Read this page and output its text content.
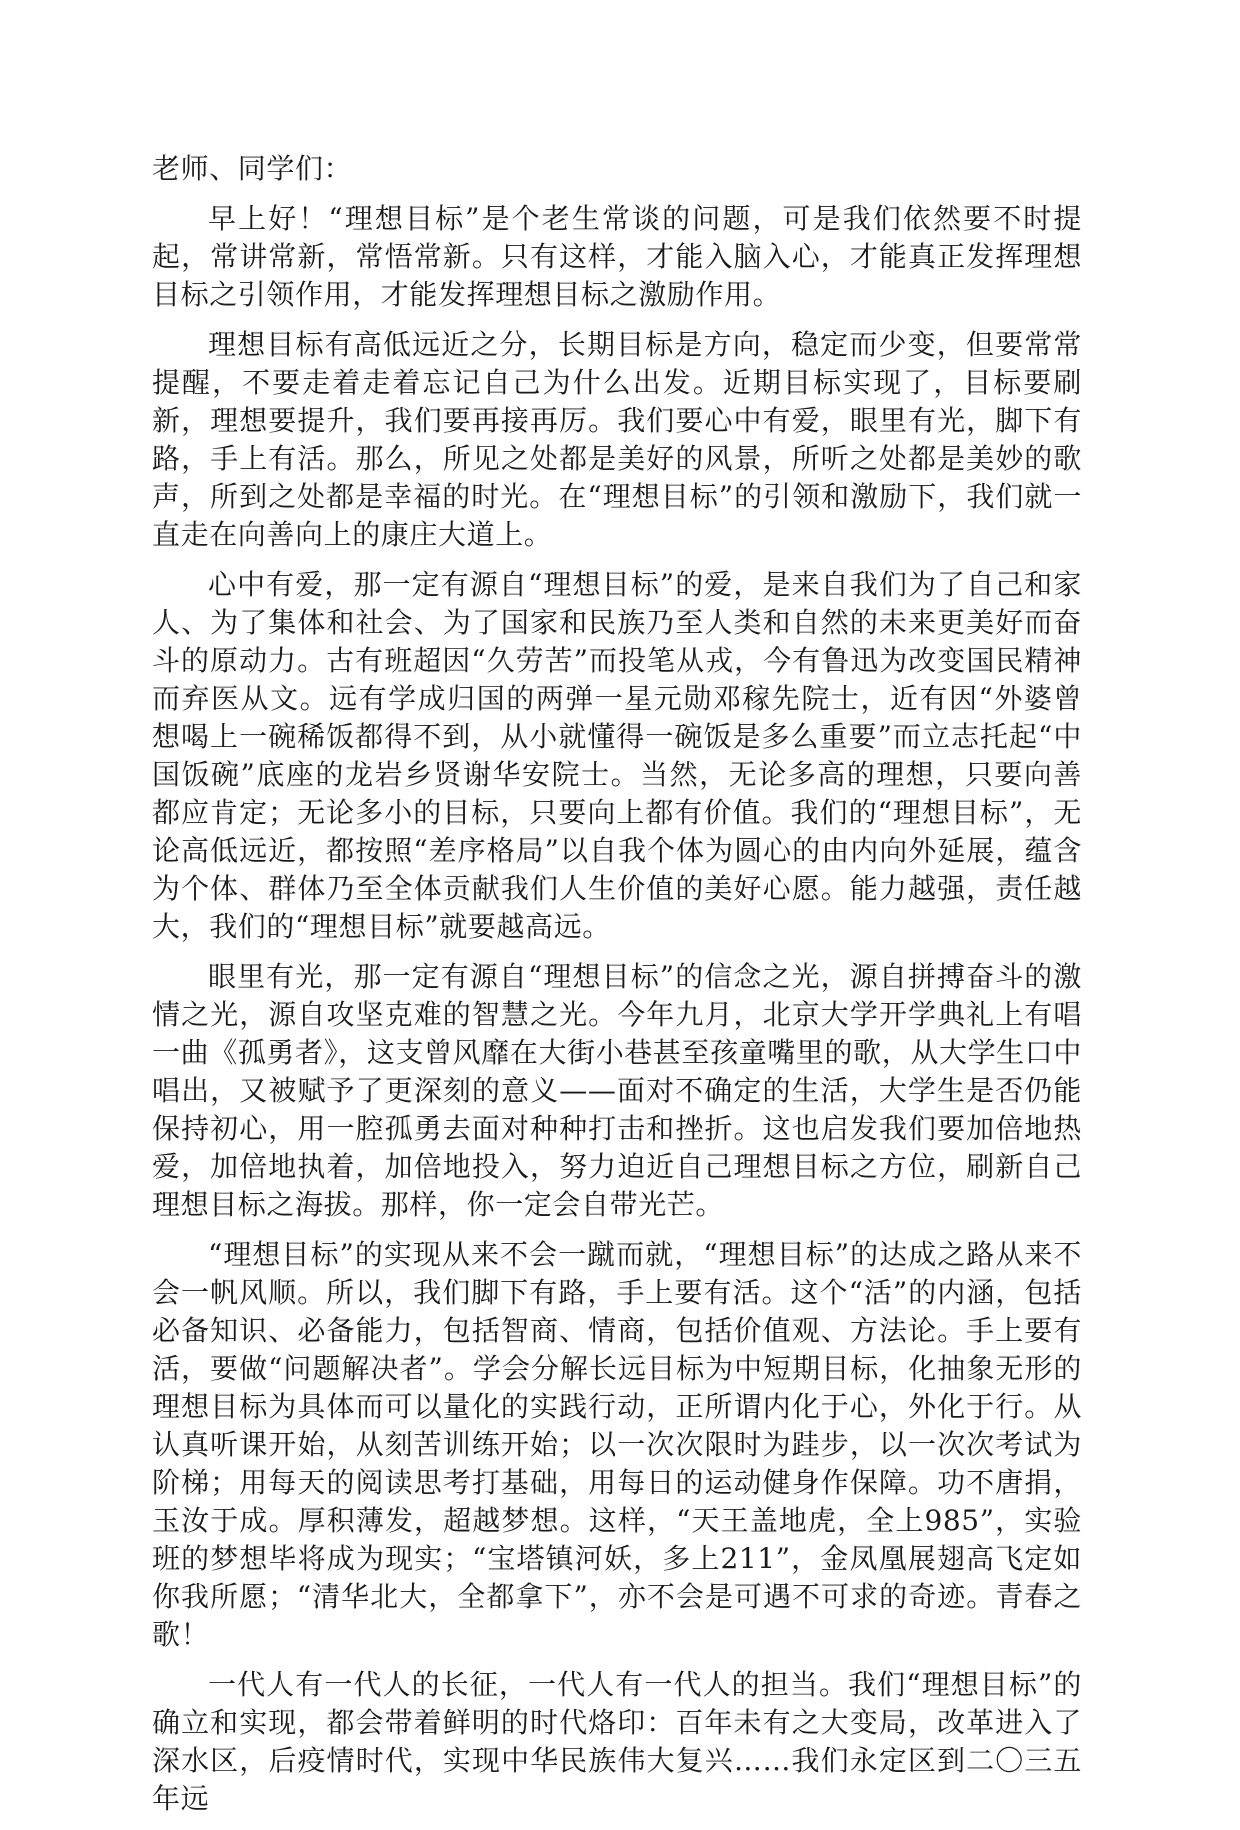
老师、同学们：

早上好！“理想目标”是个老生常谈的问题，可是我们依然要不时提起，常讲常新，常悟常新。只有这样，才能入脑入心，才能真正发挥理想目标之引领作用，才能发挥理想目标之激励作用。

理想目标有高低远近之分，长期目标是方向，稳定而少变，但要常常提醒，不要走着走着忘记自己为什么出发。近期目标实现了，目标要刷新，理想要提升，我们要再接再厉。我们要心中有爱，眼里有光，脚下有路，手上有活。那么，所见之处都是美好的风景，所听之处都是美妙的歌声，所到之处都是幸福的时光。在“理想目标”的引领和激励下，我们就一直走在向善向上的康庄大道上。

心中有爱，那一定有源自“理想目标”的爱，是来自我们为了自己和家人、为了集体和社会、为了国家和民族乃至人类和自然的未来更美好而奋斗的原动力。古有班超因“久劳苦”而投笔从戎，今有鲁迅为改变国民精神而弃医从文。远有学成归国的两弹一星元勋邓稼先院士，近有因“外婆曾想喝上一碗稀饭都得不到，从小就懂得一碗饭是多么重要”而立志托起“中国饭碗”底座的龙岩乡贤谢华安院士。当然，无论多高的理想，只要向善都应肯定；无论多小的目标，只要向上都有价值。我们的“理想目标”，无论高低远近，都按照“差序格局”以自我个体为圆心的由内向外延展，蕴含为个体、群体乃至全体贡献我们人生价值的美好心愿。能力越强，责任越大，我们的“理想目标”就要越高远。

眼里有光，那一定有源自“理想目标”的信念之光，源自拼搏奋斗的激情之光，源自攻坚克难的智慧之光。今年九月，北京大学开学典礼上有唱一曲《孤勇者》，这支曾风靡在大街小巷甚至孩童嘴里的歌，从大学生口中唱出，又被赋予了更深刻的意义——面对不确定的生活，大学生是否仍能保持初心，用一腔孤勇去面对种种打击和挫折。这也启发我们要加倍地热爱，加倍地执着，加倍地投入，努力迫近自己理想目标之方位，刷新自己理想目标之海拔。那样，你一定会自带光芒。

“理想目标”的实现从来不会一蹴而就，“理想目标”的达成之路从来不会一帆风顺。所以，我们脚下有路，手上要有活。这个“活”的内涵，包括必备知识、必备能力，包括智商、情商，包括价值观、方法论。手上要有活，要做“问题解决者”。学会分解长远目标为中短期目标，化抽象无形的理想目标为具体而可以量化的实践行动，正所谓内化于心，外化于行。从认真听课开始，从刻苦训练开始；以一次次限时为跬步，以一次次考试为阶梯；用每天的阅读思考打基础，用每日的运动健身作保障。功不唐捐，玉汝于成。厚积薄发，超越梦想。这样，“天王盖地虎，全上985”，实验班的梦想毕将成为现实；“宝塔镇河妖，多上211”，金凤凰展翅高飞定如你我所愿；“清华北大，全都拿下”，亦不会是可遇不可求的奇迹。青春之歌！

一代人有一代人的长征，一代人有一代人的担当。我们“理想目标”的确立和实现，都会带着鲜明的时代烙印：百年未有之大变局，改革进入了深水区，后疫情时代，实现中华民族伟大复兴……我们永定区到二〇三五年远
